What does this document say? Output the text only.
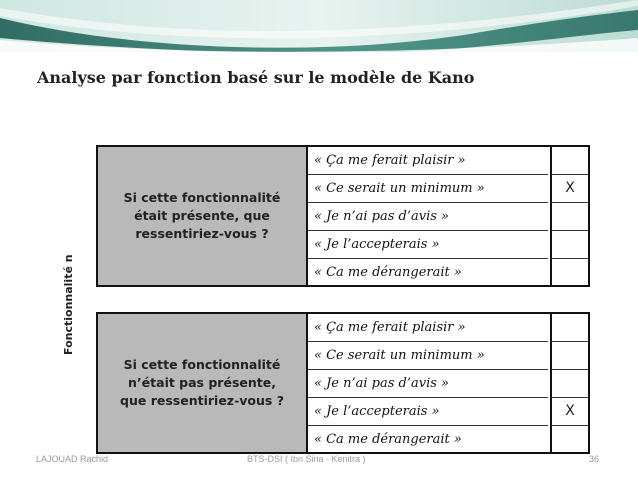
Analyse par fonction basé sur le modèle de Kano
Fonctionnalité n
Si cette fonctionnalité
était présente, que
ressentiriez-vous ?
« Ça me ferait plaisir »
« Ce serait un minimum »	X
« Je n’ai pas d’avis »
« Je l’accepterais »
« Ca me dérangerait »
Si cette fonctionnalité
n’était pas présente,
que ressentiriez-vous ?
« Ça me ferait plaisir »
« Ce serait un minimum »
« Je n’ai pas d’avis »
« Je l’accepterais »	X
« Ca me dérangerait »
LAJOUAD Rachid	BTS-DSI ( Ibn Sina - Kenitra )	36
